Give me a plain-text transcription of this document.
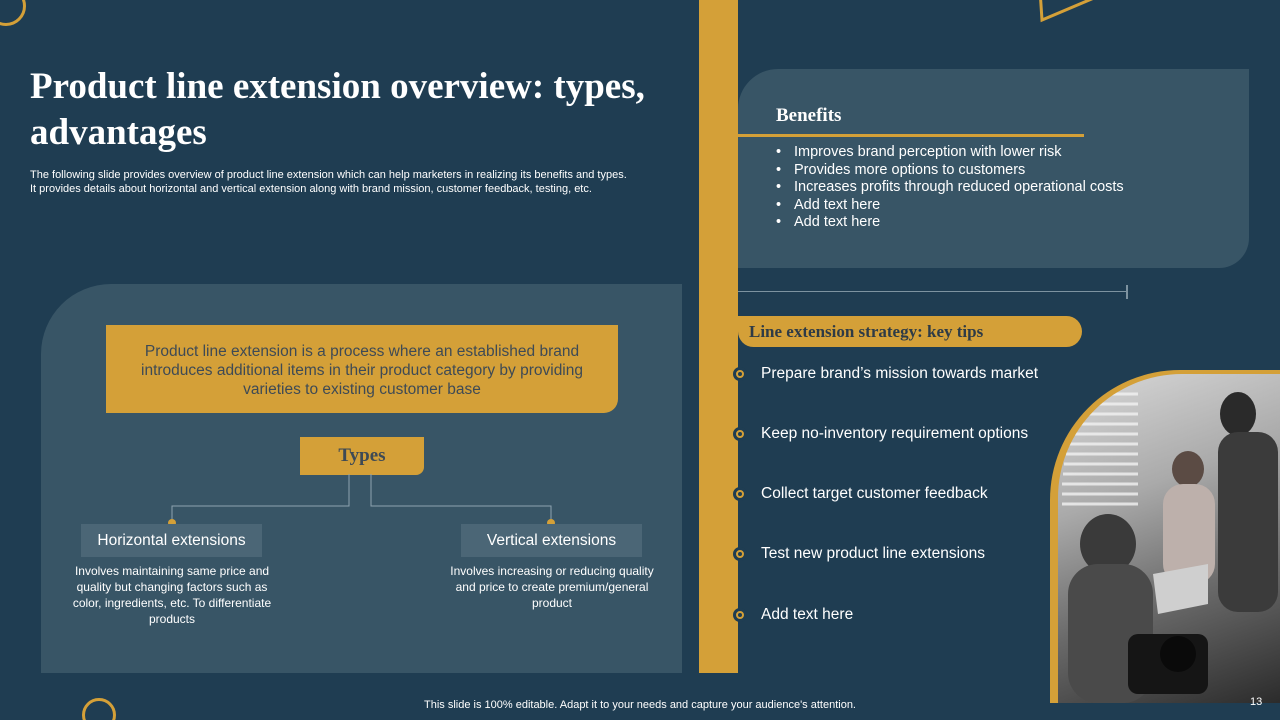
Product line extension overview: types, advantages

The following slide provides overview of product line extension which can help marketers in realizing its benefits and types. It provides details about horizontal and vertical extension along with brand mission, customer feedback, testing, etc.

Product line extension is a process where an established brand introduces additional items in their product category by providing varieties to existing customer base
Types
Horizontal extensions
Involves maintaining same price and quality but changing factors such as color, ingredients, etc. To differentiate products
Vertical extensions
Involves increasing or reducing quality and price to create premium/general product
Benefits
• Improves brand perception with lower risk
• Provides more options to customers
• Increases profits through reduced operational costs
• Add text here
• Add text here
Line extension strategy: key tips
Prepare brand’s mission towards market
Keep no-inventory requirement options
Collect target customer feedback
Test new product line extensions
Add text here
This slide is 100% editable. Adapt it to your needs and capture your audience's attention.	13
